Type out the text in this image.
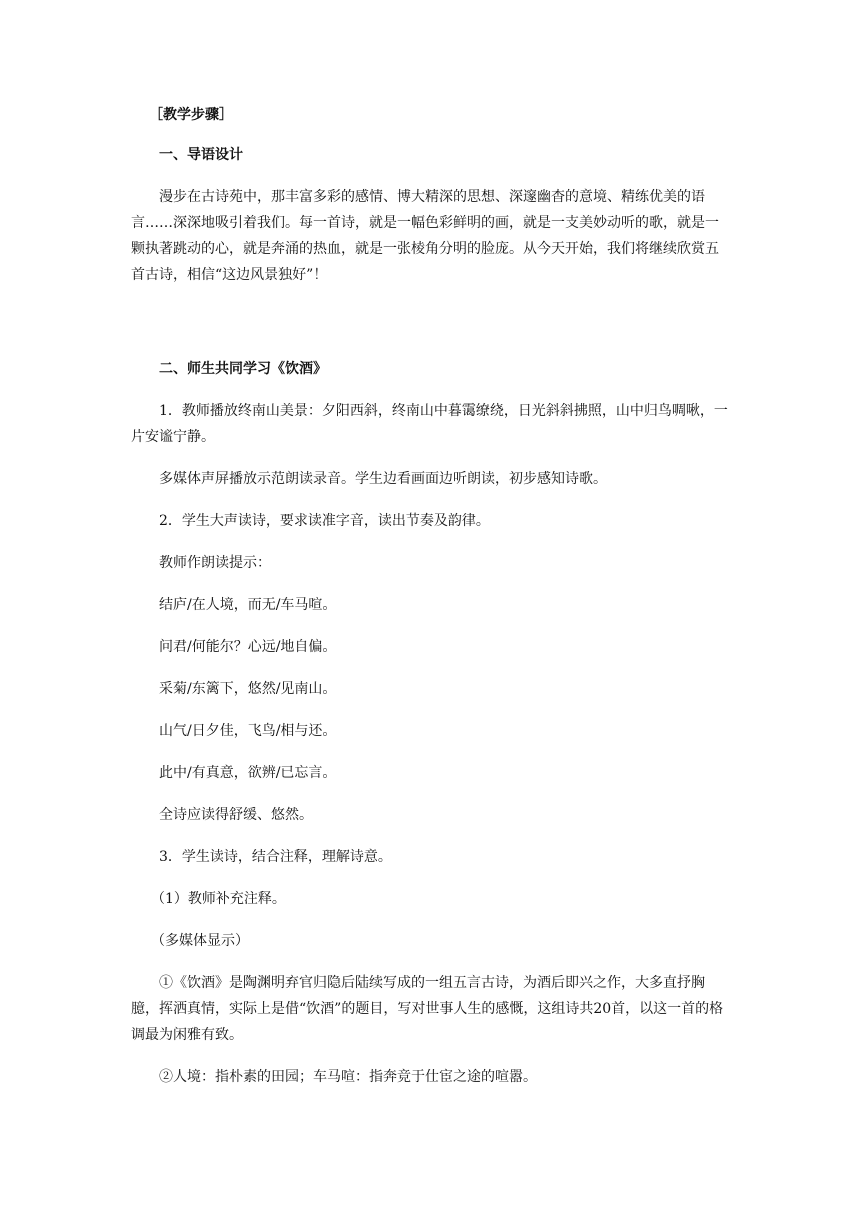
［教学步骤］

一、导语设计

漫步在古诗苑中，那丰富多彩的感情、博大精深的思想、深邃幽杳的意境、精练优美的语言……深深地吸引着我们。每一首诗，就是一幅色彩鲜明的画，就是一支美妙动听的歌，就是一颗执著跳动的心，就是奔涌的热血，就是一张棱角分明的脸庞。从今天开始，我们将继续欣赏五首古诗，相信“这边风景独好”！

二、师生共同学习《饮酒》

1．教师播放终南山美景：夕阳西斜，终南山中暮霭缭绕，日光斜斜拂照，山中归鸟啁啾，一片安谧宁静。

多媒体声屏播放示范朗读录音。学生边看画面边听朗读，初步感知诗歌。

2．学生大声读诗，要求读准字音，读出节奏及韵律。

教师作朗读提示：

结庐/在人境，而无/车马喧。

问君/何能尔？心远/地自偏。

采菊/东篱下，悠然/见南山。

山气/日夕佳，飞鸟/相与还。

此中/有真意，欲辨/已忘言。

全诗应读得舒缓、悠然。

3．学生读诗，结合注释，理解诗意。

（1）教师补充注释。

（多媒体显示）

①《饮酒》是陶渊明弃官归隐后陆续写成的一组五言古诗，为酒后即兴之作，大多直抒胸臆，挥洒真情，实际上是借“饮酒”的题目，写对世事人生的感慨，这组诗共20首，以这一首的格调最为闲雅有致。

②人境：指朴素的田园；车马喧：指奔竞于仕宦之途的喧嚣。
